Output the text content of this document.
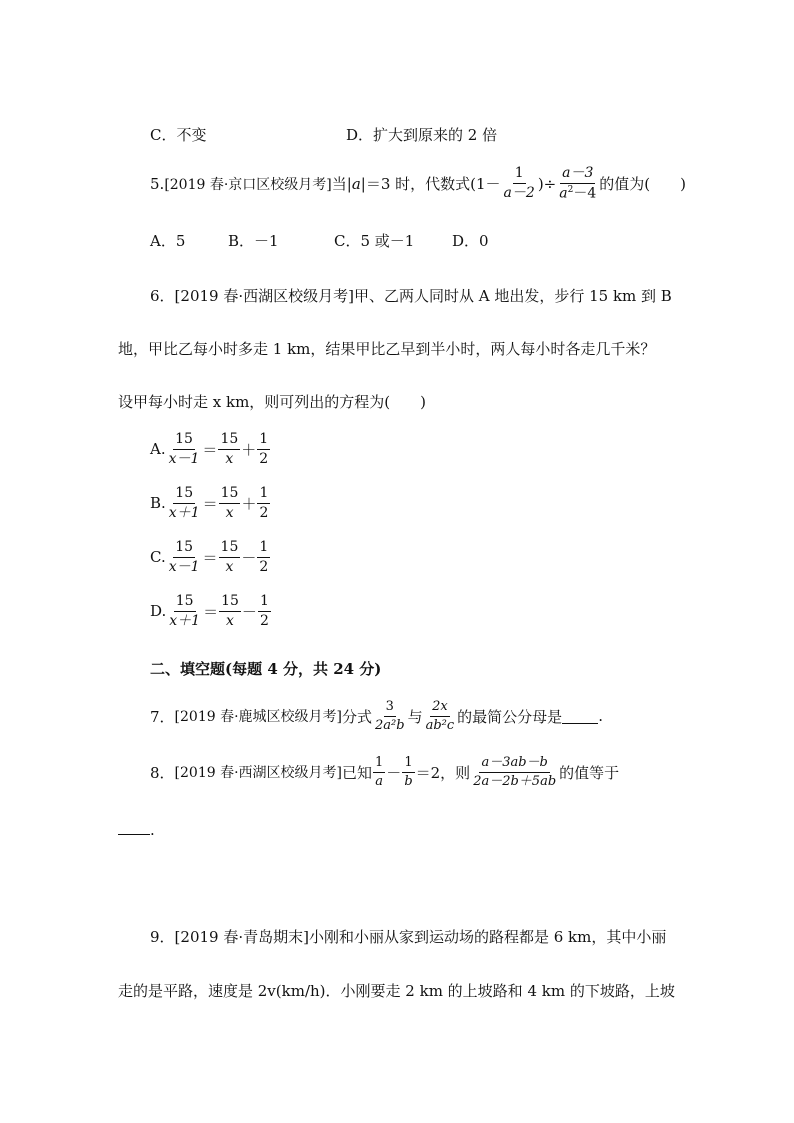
C．不变	D．扩大到原来的 2 倍
5. [2019 春·京口区校级月考] 当| a |＝3 时，代数式($1- \frac{1}{a-2}$ )÷ $\frac{a-3}{a^2-4}$ 的值为(　　)
A．5	B．－1	C．5 或－1	D．0
6．[2019 春·西湖区校级月考]甲、乙两人同时从 A 地出发，步行 15 km 到 B
地，甲比乙每小时多走 1 km，结果甲比乙早到半小时，两人每小时各走几千米？
设甲每小时走 x km，则可列出的方程为(　　)
A. $\frac{15}{x-1} = \frac{15}{x} + \frac{1}{2}$
B. $\frac{15}{x+1} = \frac{15}{x} + \frac{1}{2}$
C. $\frac{15}{x-1} = \frac{15}{x} - \frac{1}{2}$
D. $\frac{15}{x+1} = \frac{15}{x} - \frac{1}{2}$
二、填空题(每题 4 分，共 24 分)
7． [2019 春·鹿城区校级月考] 分式 $\frac{3}{\text{2a²b}}$ 与 $\frac{2x}{\text{ab²c}}$ 的最简公分母是 .
8． [2019 春·西湖区校级月考] 已知 $\frac{1}{a} - \frac{1}{b} =2$，则 $\frac{a-3ab-b}{2a-2b+5ab}$ 的值等于
.
9．[2019 春·青岛期末]小刚和小丽从家到运动场的路程都是 6 km，其中小丽
走的是平路，速度是 2v(km/h)．小刚要走 2 km 的上坡路和 4 km 的下坡路，上坡
